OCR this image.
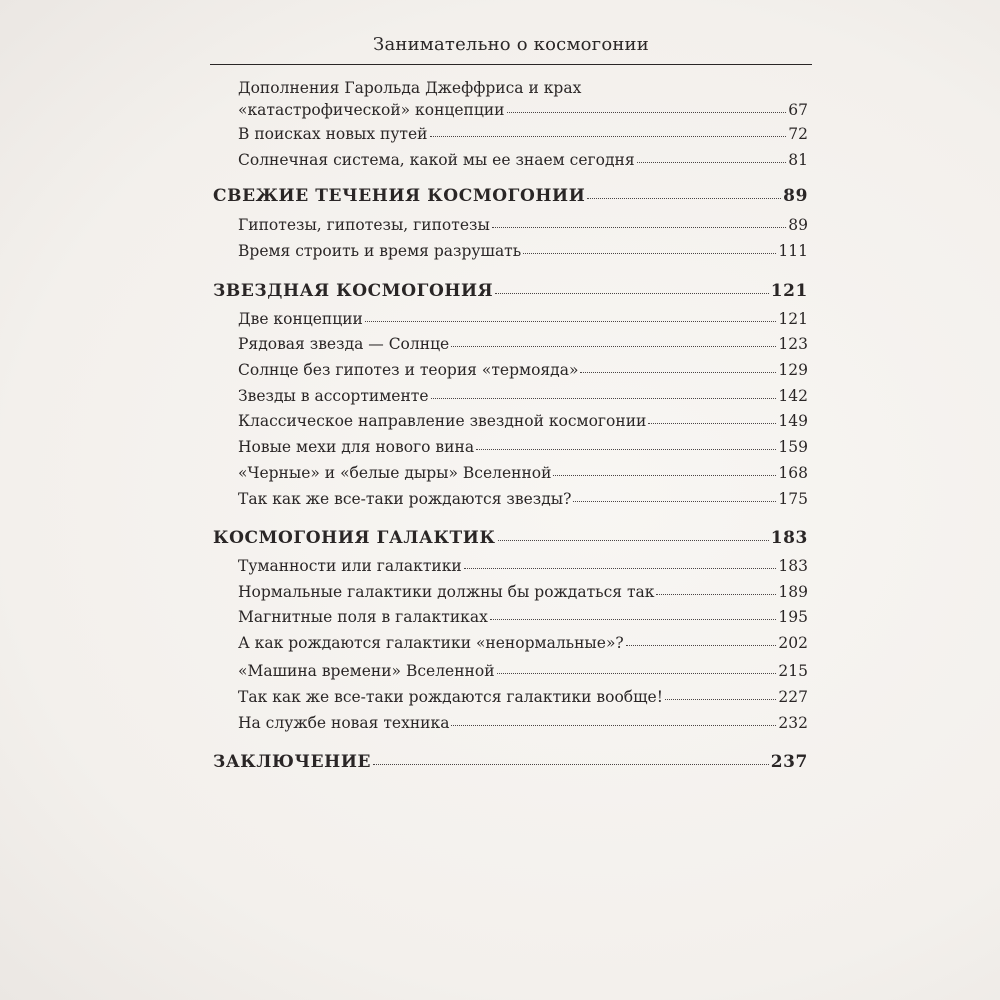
Занимательно о космогонии
Дополнения Гарольда Джеффриса и крах
«катастрофической» концепции	67
В поисках новых путей	72
Солнечная система, какой мы ее знаем сегодня	81
СВЕЖИЕ ТЕЧЕНИЯ КОСМОГОНИИ	89
Гипотезы, гипотезы, гипотезы	89
Время строить и время разрушать	111
ЗВЕЗДНАЯ КОСМОГОНИЯ	121
Две концепции	121
Рядовая звезда — Солнце	123
Солнце без гипотез и теория «термояда»	129
Звезды в ассортименте	142
Классическое направление звездной космогонии	149
Новые мехи для нового вина	159
«Черные» и «белые дыры» Вселенной	168
Так как же все-таки рождаются звезды?	175
КОСМОГОНИЯ ГАЛАКТИК	183
Туманности или галактики	183
Нормальные галактики должны бы рождаться так	189
Магнитные поля в галактиках	195
А как рождаются галактики «ненормальные»?	202
«Машина времени» Вселенной	215
Так как же все-таки рождаются галактики вообще!	227
На службе новая техника	232
ЗАКЛЮЧЕНИЕ	237
